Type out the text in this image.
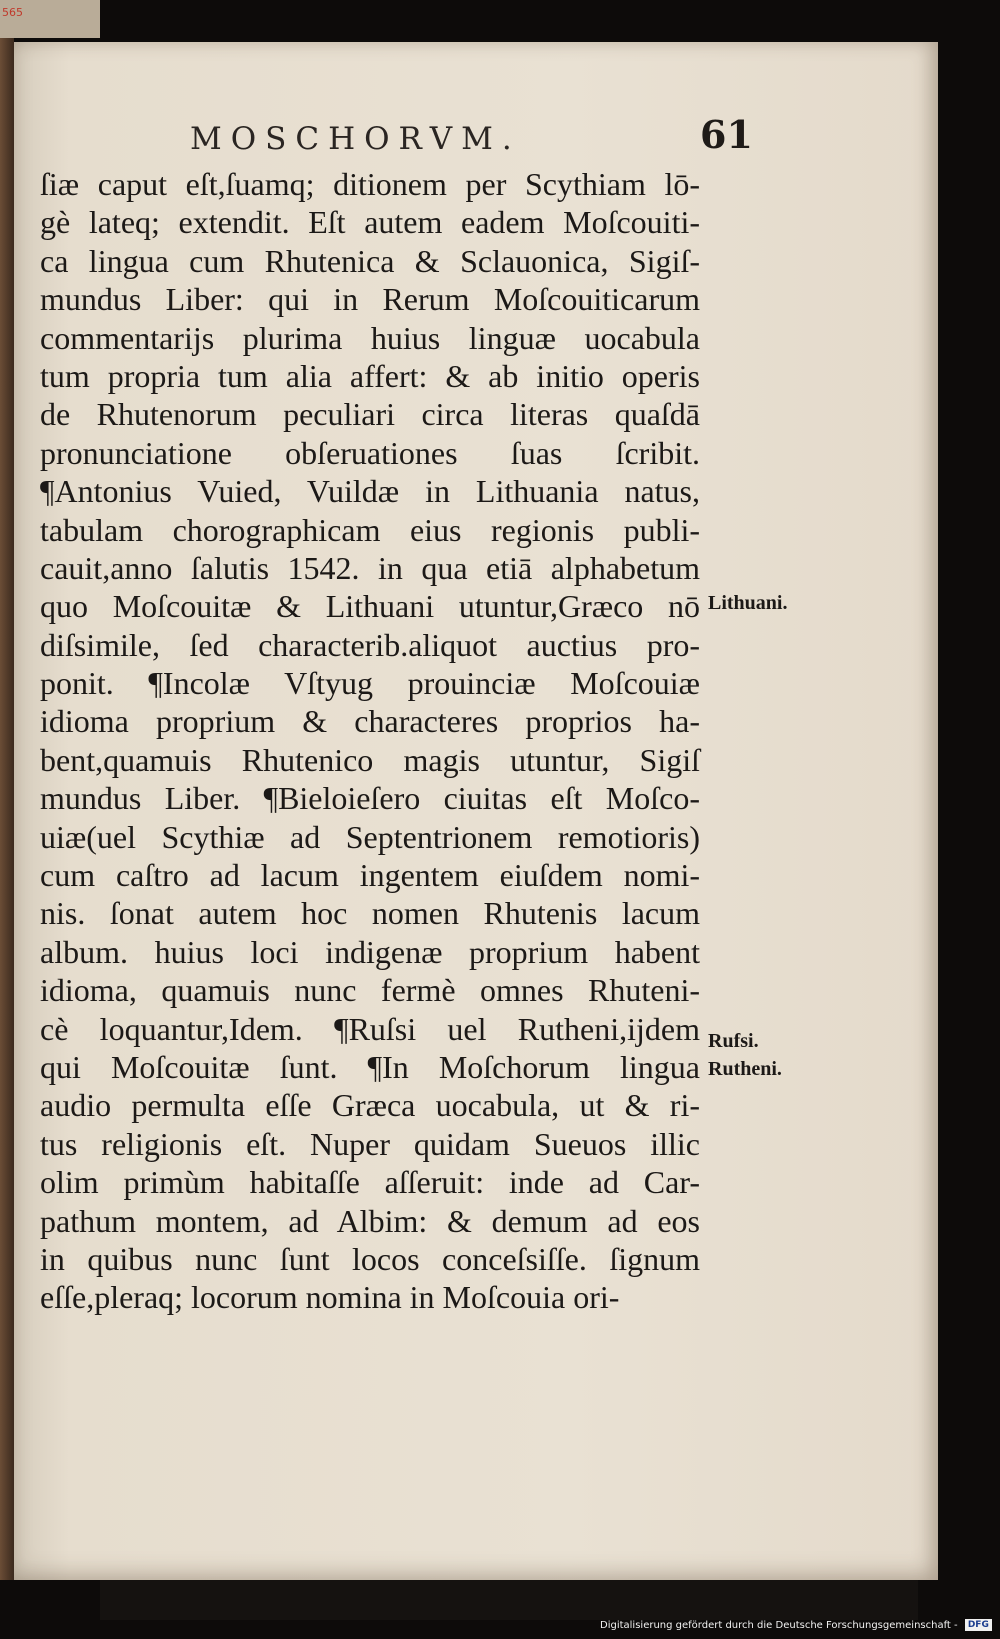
565
MOSCHORVM.	61
ſiæ caput eſt,ſuamq; ditionem per Scythiam lō-
gè lateq; extendit. Eſt autem eadem Moſcouiti-
ca lingua cum Rhutenica & Sclauonica, Sigiſ-
mundus Liber: qui in Rerum Moſcouiticarum
commentarijs plurima huius linguæ uocabula
tum propria tum alia affert: & ab initio operis
de Rhutenorum peculiari circa literas quaſdā
pronunciatione obſeruationes ſuas ſcribit.
¶Antonius Vuied, Vuildæ in Lithuania natus,
tabulam chorographicam eius regionis publi-
cauit,anno ſalutis 1542. in qua etiā alphabetum
quo Moſcouitæ & Lithuani utuntur,Græco nō
diſsimile, ſed characterib.aliquot auctius pro-
ponit. ¶Incolæ Vſtyug prouinciæ Moſcouiæ
idioma proprium & characteres proprios ha-
bent,quamuis Rhutenico magis utuntur, Sigiſ
mundus Liber. ¶Bieloieſero ciuitas eſt Moſco-
uiæ(uel Scythiæ ad Septentrionem remotioris)
cum caſtro ad lacum ingentem eiuſdem nomi-
nis. ſonat autem hoc nomen Rhutenis lacum
album. huius loci indigenæ proprium habent
idioma, quamuis nunc fermè omnes Rhuteni-
cè loquantur,Idem. ¶Ruſsi uel Rutheni,ijdem
qui Moſcouitæ ſunt. ¶In Moſchorum lingua
audio permulta eſſe Græca uocabula, ut & ri-
tus religionis eſt. Nuper quidam Sueuos illic
olim primùm habitaſſe aſſeruit: inde ad Car-
pathum montem, ad Albim: & demum ad eos
in quibus nunc ſunt locos conceſsiſſe. ſignum
eſſe,pleraq; locorum nomina in Moſcouia ori-
Lithuani.
Rufsi.
Rutheni.
Digitalisierung gefördert durch die Deutsche Forschungsgemeinschaft - DFG
